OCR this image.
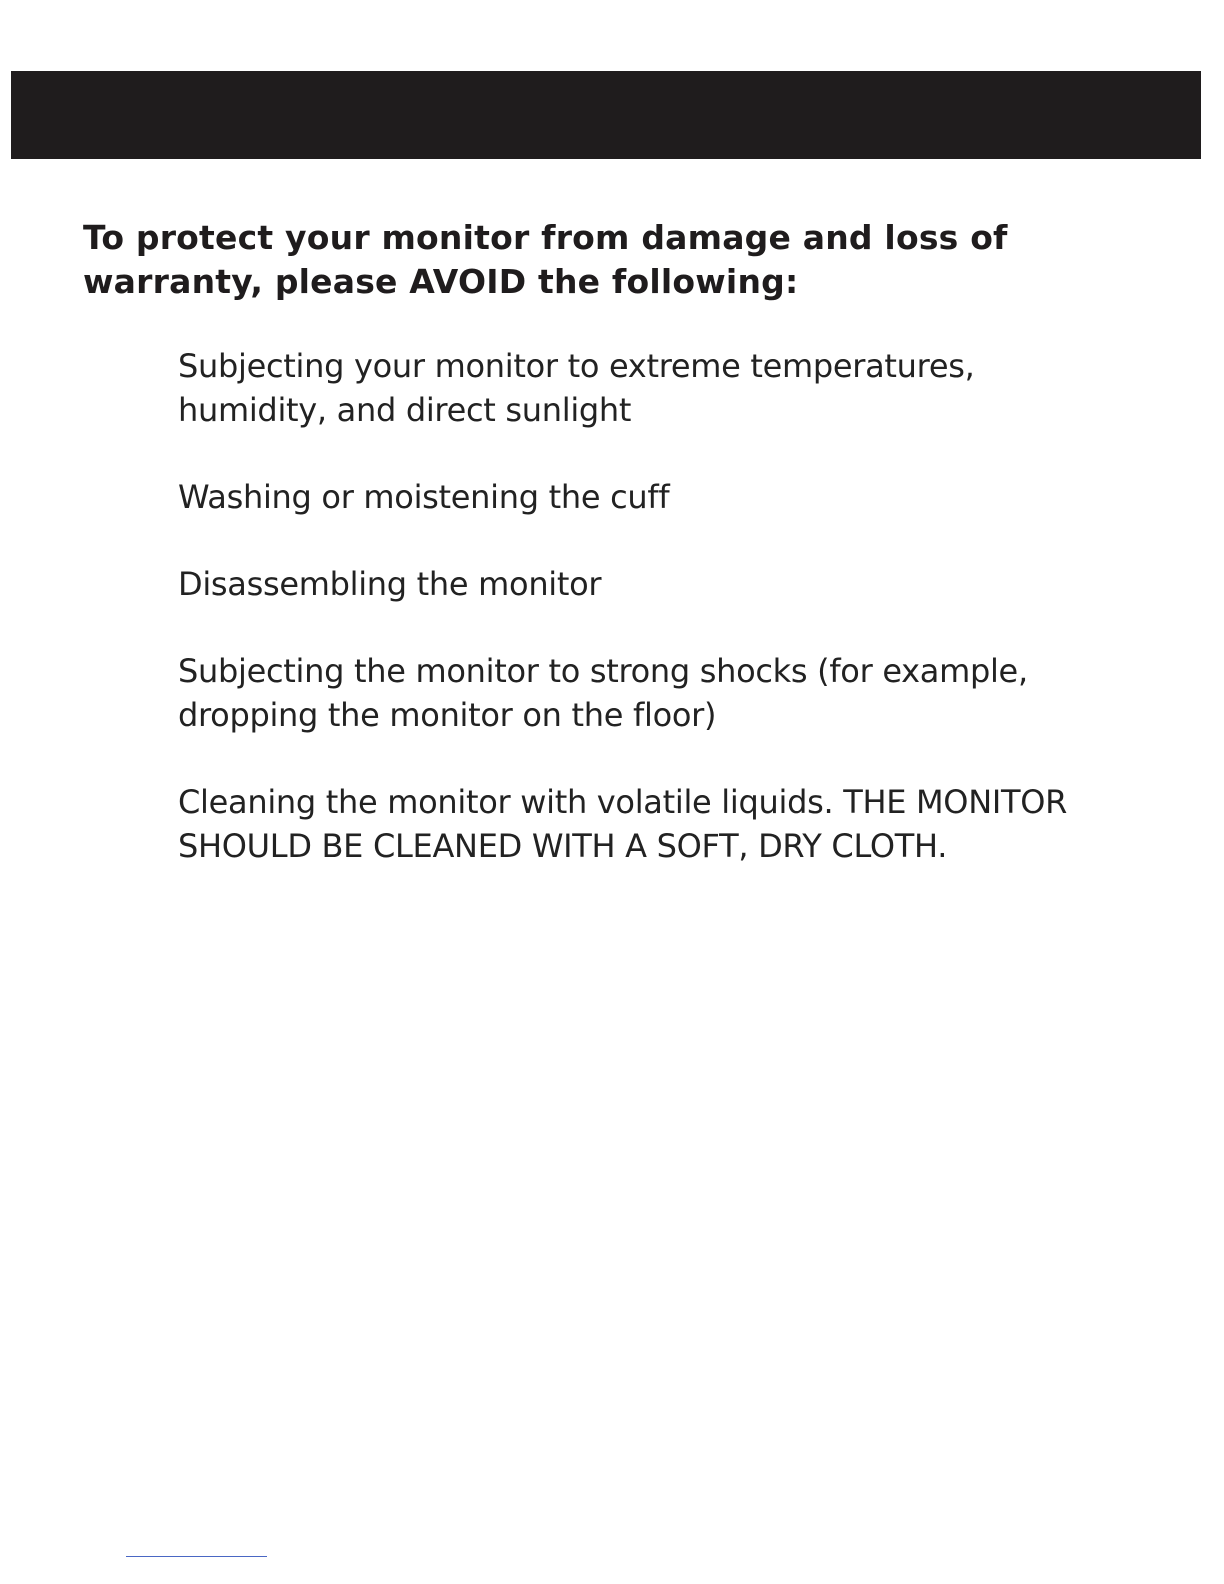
To protect your monitor from damage and loss of warranty, please AVOID the following:
Subjecting your monitor to extreme temperatures, humidity, and direct sunlight
Washing or moistening the cuff
Disassembling the monitor
Subjecting the monitor to strong shocks (for example, dropping the monitor on the floor)
Cleaning the monitor with volatile liquids. THE MONITOR SHOULD BE CLEANED WITH A SOFT, DRY CLOTH.
